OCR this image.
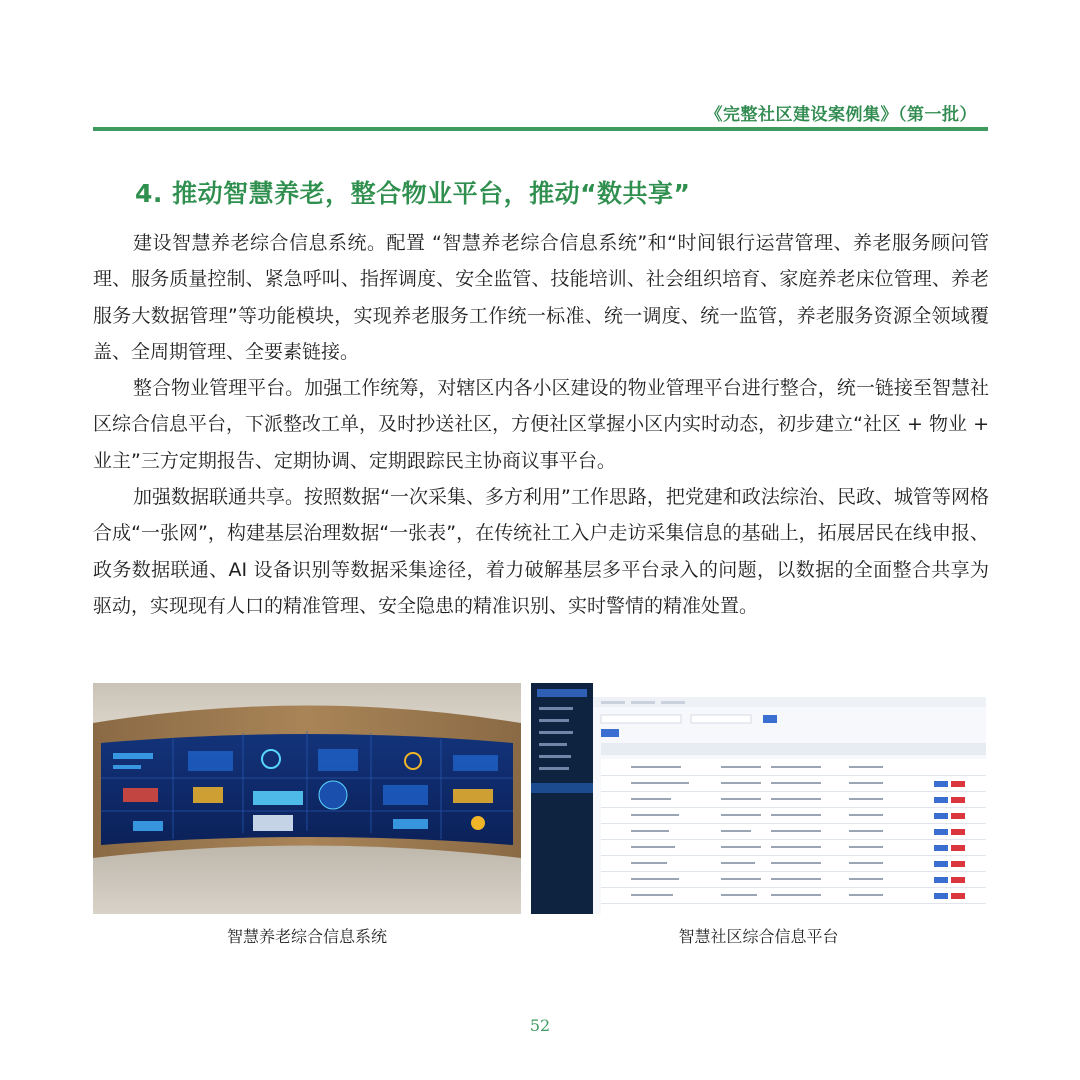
《完整社区建设案例集》（第一批）
4. 推动智慧养老，整合物业平台，推动“数共享”

建设智慧养老综合信息系统。配置 “智慧养老综合信息系统”和“时间银行运营管理、养老服务顾问管理、服务质量控制、紧急呼叫、指挥调度、安全监管、技能培训、社会组织培育、家庭养老床位管理、养老服务大数据管理”等功能模块，实现养老服务工作统一标准、统一调度、统一监管，养老服务资源全领域覆盖、全周期管理、全要素链接。

整合物业管理平台。加强工作统筹，对辖区内各小区建设的物业管理平台进行整合，统一链接至智慧社区综合信息平台，下派整改工单，及时抄送社区，方便社区掌握小区内实时动态，初步建立“社区 + 物业 + 业主”三方定期报告、定期协调、定期跟踪民主协商议事平台。

加强数据联通共享。按照数据“一次采集、多方利用”工作思路，把党建和政法综治、民政、城管等网格合成“一张网”，构建基层治理数据“一张表”，在传统社工入户走访采集信息的基础上，拓展居民在线申报、政务数据联通、AI 设备识别等数据采集途径，着力破解基层多平台录入的问题，以数据的全面整合共享为驱动，实现现有人口的精准管理、安全隐患的精准识别、实时警情的精准处置。

智慧养老综合信息系统	智慧社区综合信息平台
52
